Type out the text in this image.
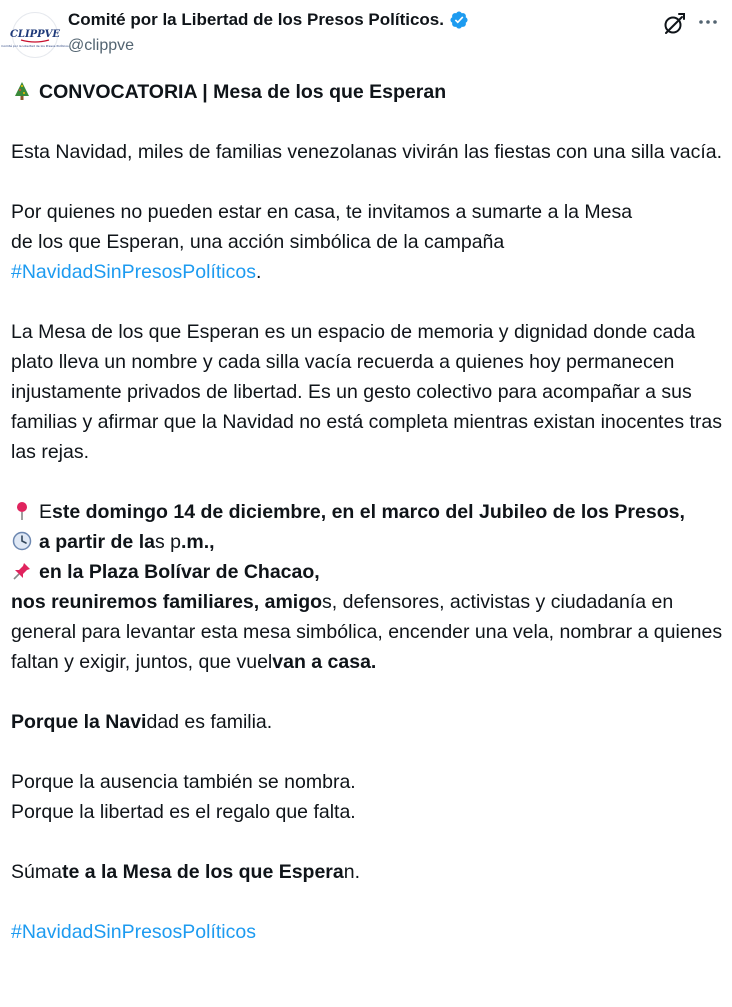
CLIPPVE
Comité por la Libertad de los Presos Políticos
Comité por la Libertad de los Presos Políticos.
@clippve

CONVOCATORIA | Mesa de los que Esperan

Esta Navidad, miles de familias venezolanas vivirán las fiestas con una silla vacía.

Por quienes no pueden estar en casa, te invitamos a sumarte a la Mesa
de los que Esperan, una acción simbólica de la campaña
#NavidadSinPresosPolíticos.

La Mesa de los que Esperan es un espacio de memoria y dignidad donde cada plato lleva un nombre y cada silla vacía recuerda a quienes hoy permanecen injustamente privados de libertad. Es un gesto colectivo para acompañar a sus familias y afirmar que la Navidad no está completa mientras existan inocentes tras las rejas.

Este domingo 14 de diciembre, en el marco del Jubileo de los Presos,

a partir de las p.m.,

en la Plaza Bolívar de Chacao,

nos reuniremos familiares, amigos, defensores, activistas y ciudadanía en general para levantar esta mesa simbólica, encender una vela, nombrar a quienes faltan y exigir, juntos, que vuelvan a casa.

Porque la Navidad es familia.

Porque la ausencia también se nombra.

Porque la libertad es el regalo que falta.

Súmate a la Mesa de los que Esperan.

#NavidadSinPresosPolíticos
